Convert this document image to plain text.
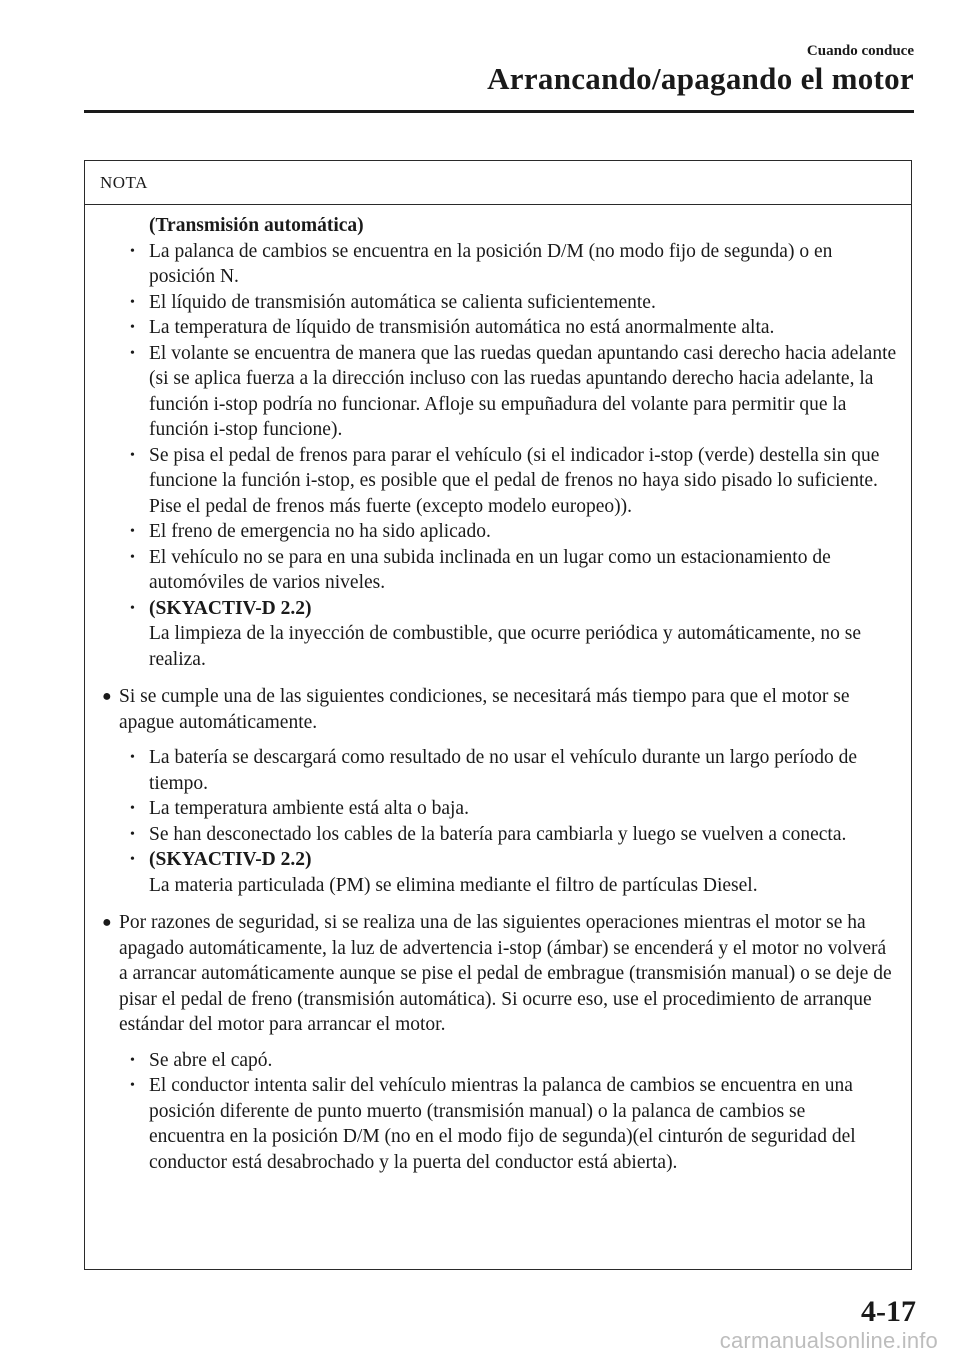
Cuando conduce
Arrancando/apagando el motor
NOTA
(Transmisión automática)
• La palanca de cambios se encuentra en la posición D/M (no modo fijo de segunda) o en posición N.
• El líquido de transmisión automática se calienta suficientemente.
• La temperatura de líquido de transmisión automática no está anormalmente alta.
• El volante se encuentra de manera que las ruedas quedan apuntando casi derecho hacia adelante (si se aplica fuerza a la dirección incluso con las ruedas apuntando derecho hacia adelante, la función i-stop podría no funcionar. Afloje su empuñadura del volante para permitir que la función i-stop funcione).
• Se pisa el pedal de frenos para parar el vehículo (si el indicador i-stop (verde) destella sin que funcione la función i-stop, es posible que el pedal de frenos no haya sido pisado lo suficiente. Pise el pedal de frenos más fuerte (excepto modelo europeo)).
• El freno de emergencia no ha sido aplicado.
• El vehículo no se para en una subida inclinada en un lugar como un estacionamiento de automóviles de varios niveles.
• (SKYACTIV-D 2.2)
La limpieza de la inyección de combustible, que ocurre periódica y automáticamente, no se realiza.
● Si se cumple una de las siguientes condiciones, se necesitará más tiempo para que el motor se apague automáticamente.
• La batería se descargará como resultado de no usar el vehículo durante un largo período de tiempo.
• La temperatura ambiente está alta o baja.
• Se han desconectado los cables de la batería para cambiarla y luego se vuelven a conecta.
• (SKYACTIV-D 2.2)
La materia particulada (PM) se elimina mediante el filtro de partículas Diesel.
● Por razones de seguridad, si se realiza una de las siguientes operaciones mientras el motor se ha apagado automáticamente, la luz de advertencia i-stop (ámbar) se encenderá y el motor no volverá a arrancar automáticamente aunque se pise el pedal de embrague (transmisión manual) o se deje de pisar el pedal de freno (transmisión automática). Si ocurre eso, use el procedimiento de arranque estándar del motor para arrancar el motor.
• Se abre el capó.
• El conductor intenta salir del vehículo mientras la palanca de cambios se encuentra en una posición diferente de punto muerto (transmisión manual) o la palanca de cambios se encuentra en la posición D/M (no en el modo fijo de segunda)(el cinturón de seguridad del conductor está desabrochado y la puerta del conductor está abierta).
4-17
carmanualsonline.info
